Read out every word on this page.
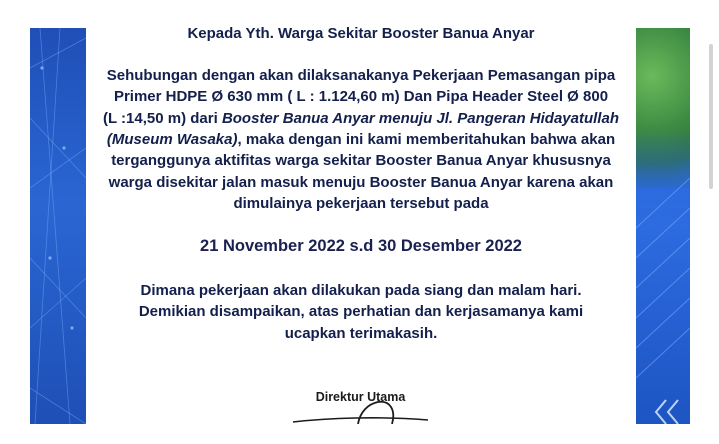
Kepada Yth. Warga Sekitar Booster Banua Anyar
Sehubungan dengan akan dilaksanakanya Pekerjaan Pemasangan pipa
Primer HDPE Ø 630 mm ( L : 1.124,60 m) Dan Pipa Header Steel Ø 800
(L :14,50 m) dari Booster Banua Anyar menuju Jl. Pangeran Hidayatullah
(Museum Wasaka), maka dengan ini kami memberitahukan bahwa akan
terganggunya aktifitas warga sekitar Booster Banua Anyar khususnya
warga disekitar jalan masuk menuju Booster Banua Anyar karena akan
dimulainya pekerjaan tersebut pada
21 November 2022 s.d 30 Desember 2022
Dimana pekerjaan akan dilakukan pada siang dan malam hari.
Demikian disampaikan, atas perhatian dan kerjasamanya kami
ucapkan terimakasih.
Direktur Utama
